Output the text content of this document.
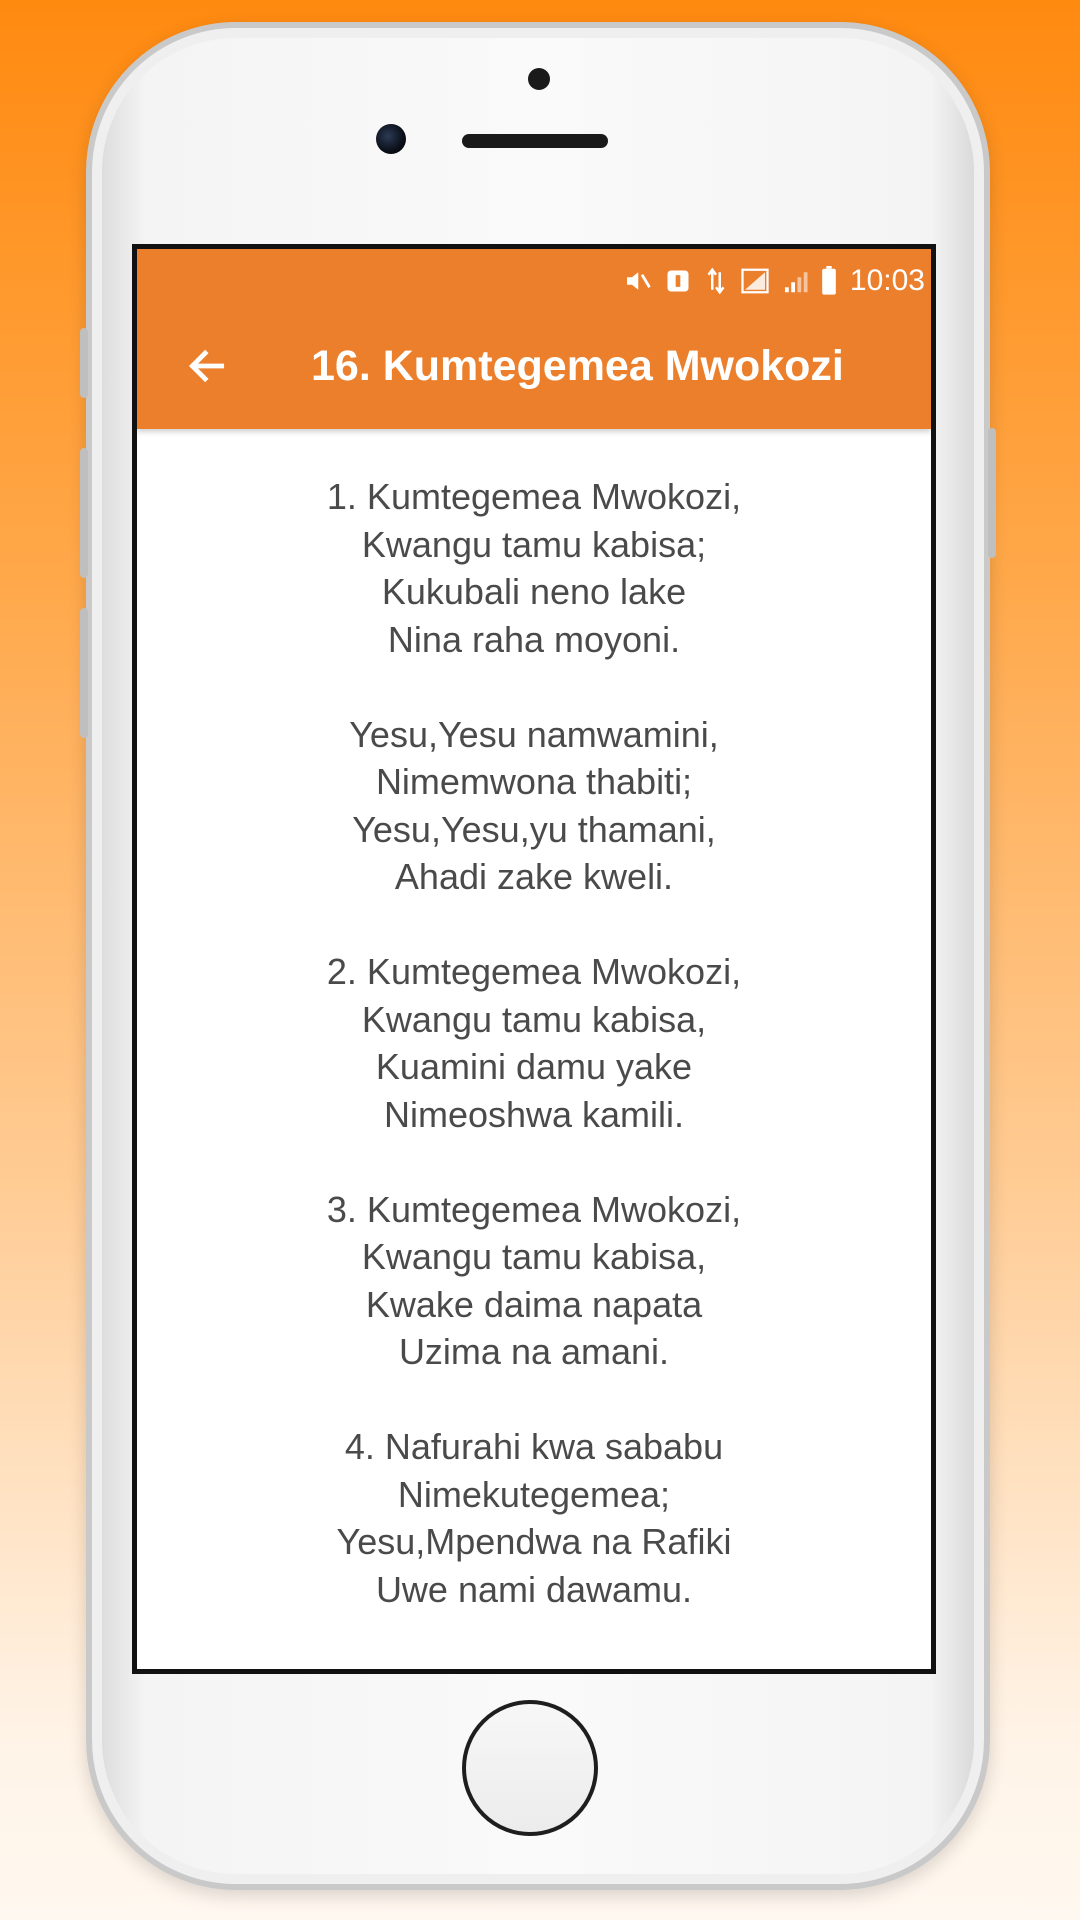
10:03
16. Kumtegemea Mwokozi
1. Kumtegemea Mwokozi,
Kwangu tamu kabisa;
Kukubali neno lake
Nina raha moyoni.
Yesu,Yesu namwamini,
Nimemwona thabiti;
Yesu,Yesu,yu thamani,
Ahadi zake kweli.
2. Kumtegemea Mwokozi,
Kwangu tamu kabisa,
Kuamini damu yake
Nimeoshwa kamili.
3. Kumtegemea Mwokozi,
Kwangu tamu kabisa,
Kwake daima napata
Uzima na amani.
4. Nafurahi kwa sababu
Nimekutegemea;
Yesu,Mpendwa na Rafiki
Uwe nami dawamu.
